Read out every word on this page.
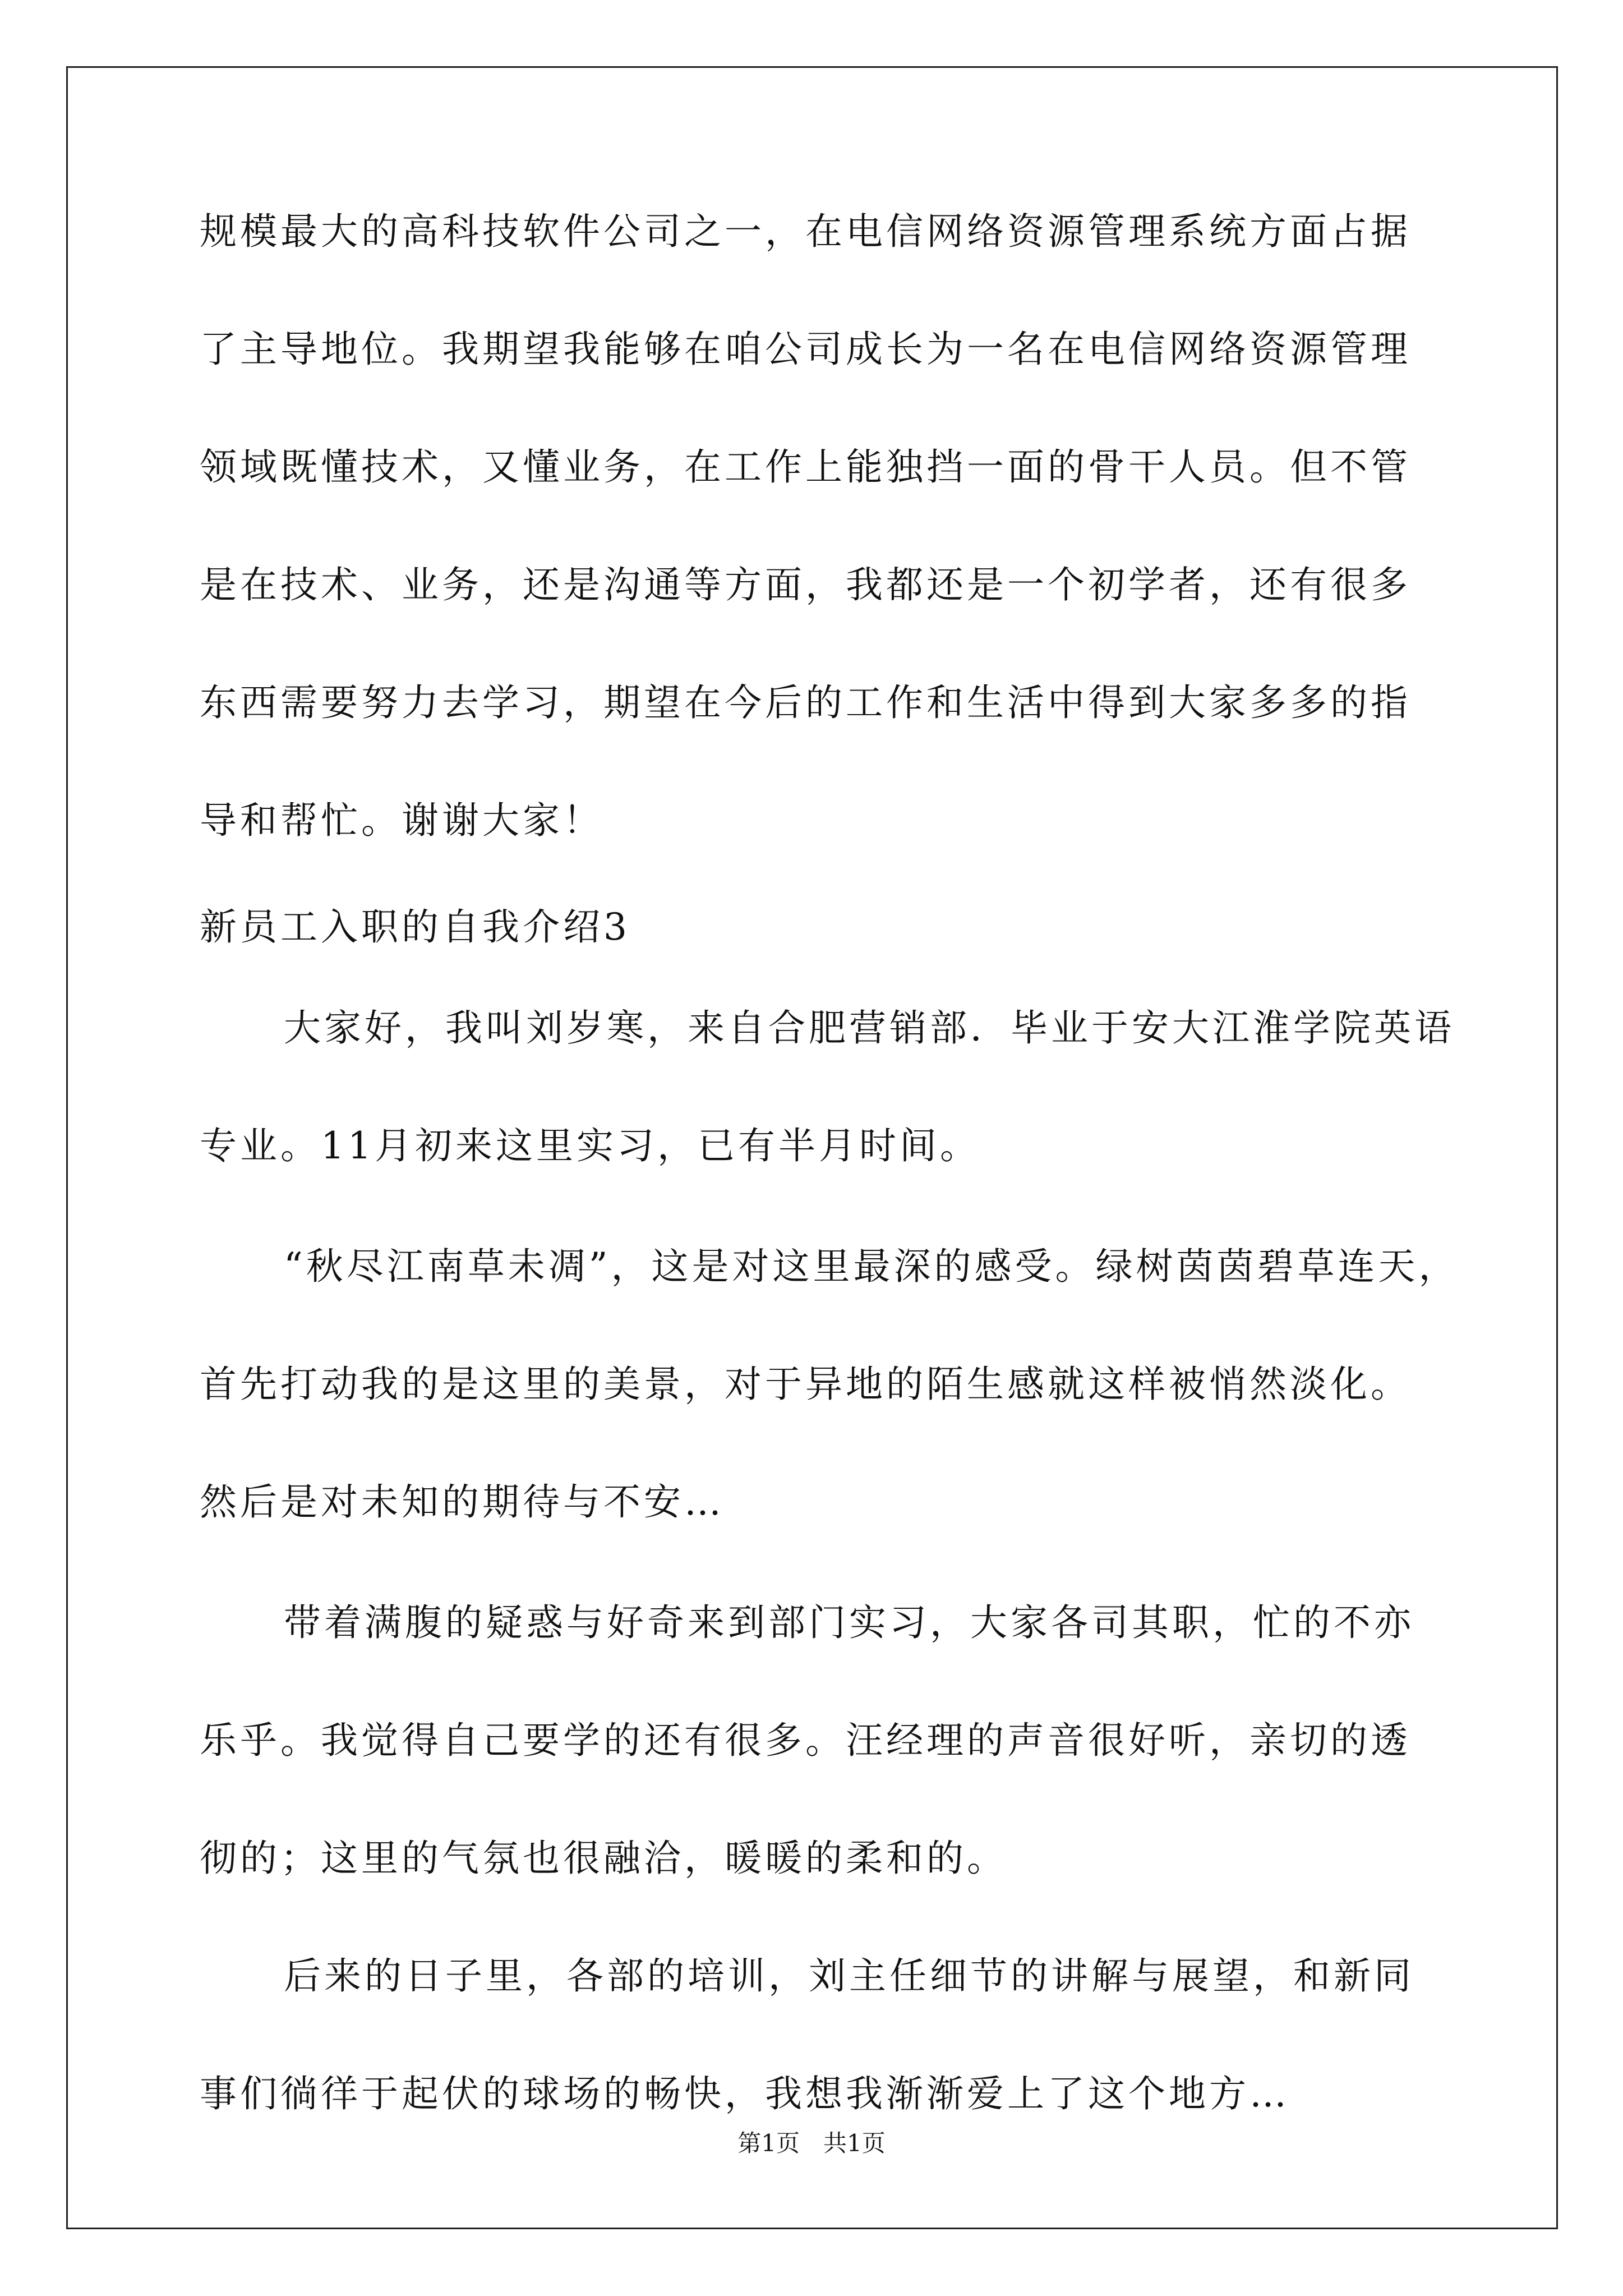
规模最大的高科技软件公司之一，在电信网络资源管理系统方面占据
了主导地位。我期望我能够在咱公司成长为一名在电信网络资源管理
领域既懂技术，又懂业务，在工作上能独挡一面的骨干人员。但不管
是在技术、业务，还是沟通等方面，我都还是一个初学者，还有很多
东西需要努力去学习，期望在今后的工作和生活中得到大家多多的指
导和帮忙。谢谢大家！
新员工入职的自我介绍3
大家好，我叫刘岁寒，来自合肥营销部．毕业于安大江淮学院英语
专业。11月初来这里实习，已有半月时间。
“秋尽江南草未凋”，这是对这里最深的感受。绿树茵茵碧草连天，
首先打动我的是这里的美景，对于异地的陌生感就这样被悄然淡化。
然后是对未知的期待与不安…
带着满腹的疑惑与好奇来到部门实习，大家各司其职，忙的不亦
乐乎。我觉得自己要学的还有很多。汪经理的声音很好听，亲切的透
彻的；这里的气氛也很融洽，暖暖的柔和的。
后来的日子里，各部的培训，刘主任细节的讲解与展望，和新同
事们徜徉于起伏的球场的畅快，我想我渐渐爱上了这个地方…
第1页　共1页
